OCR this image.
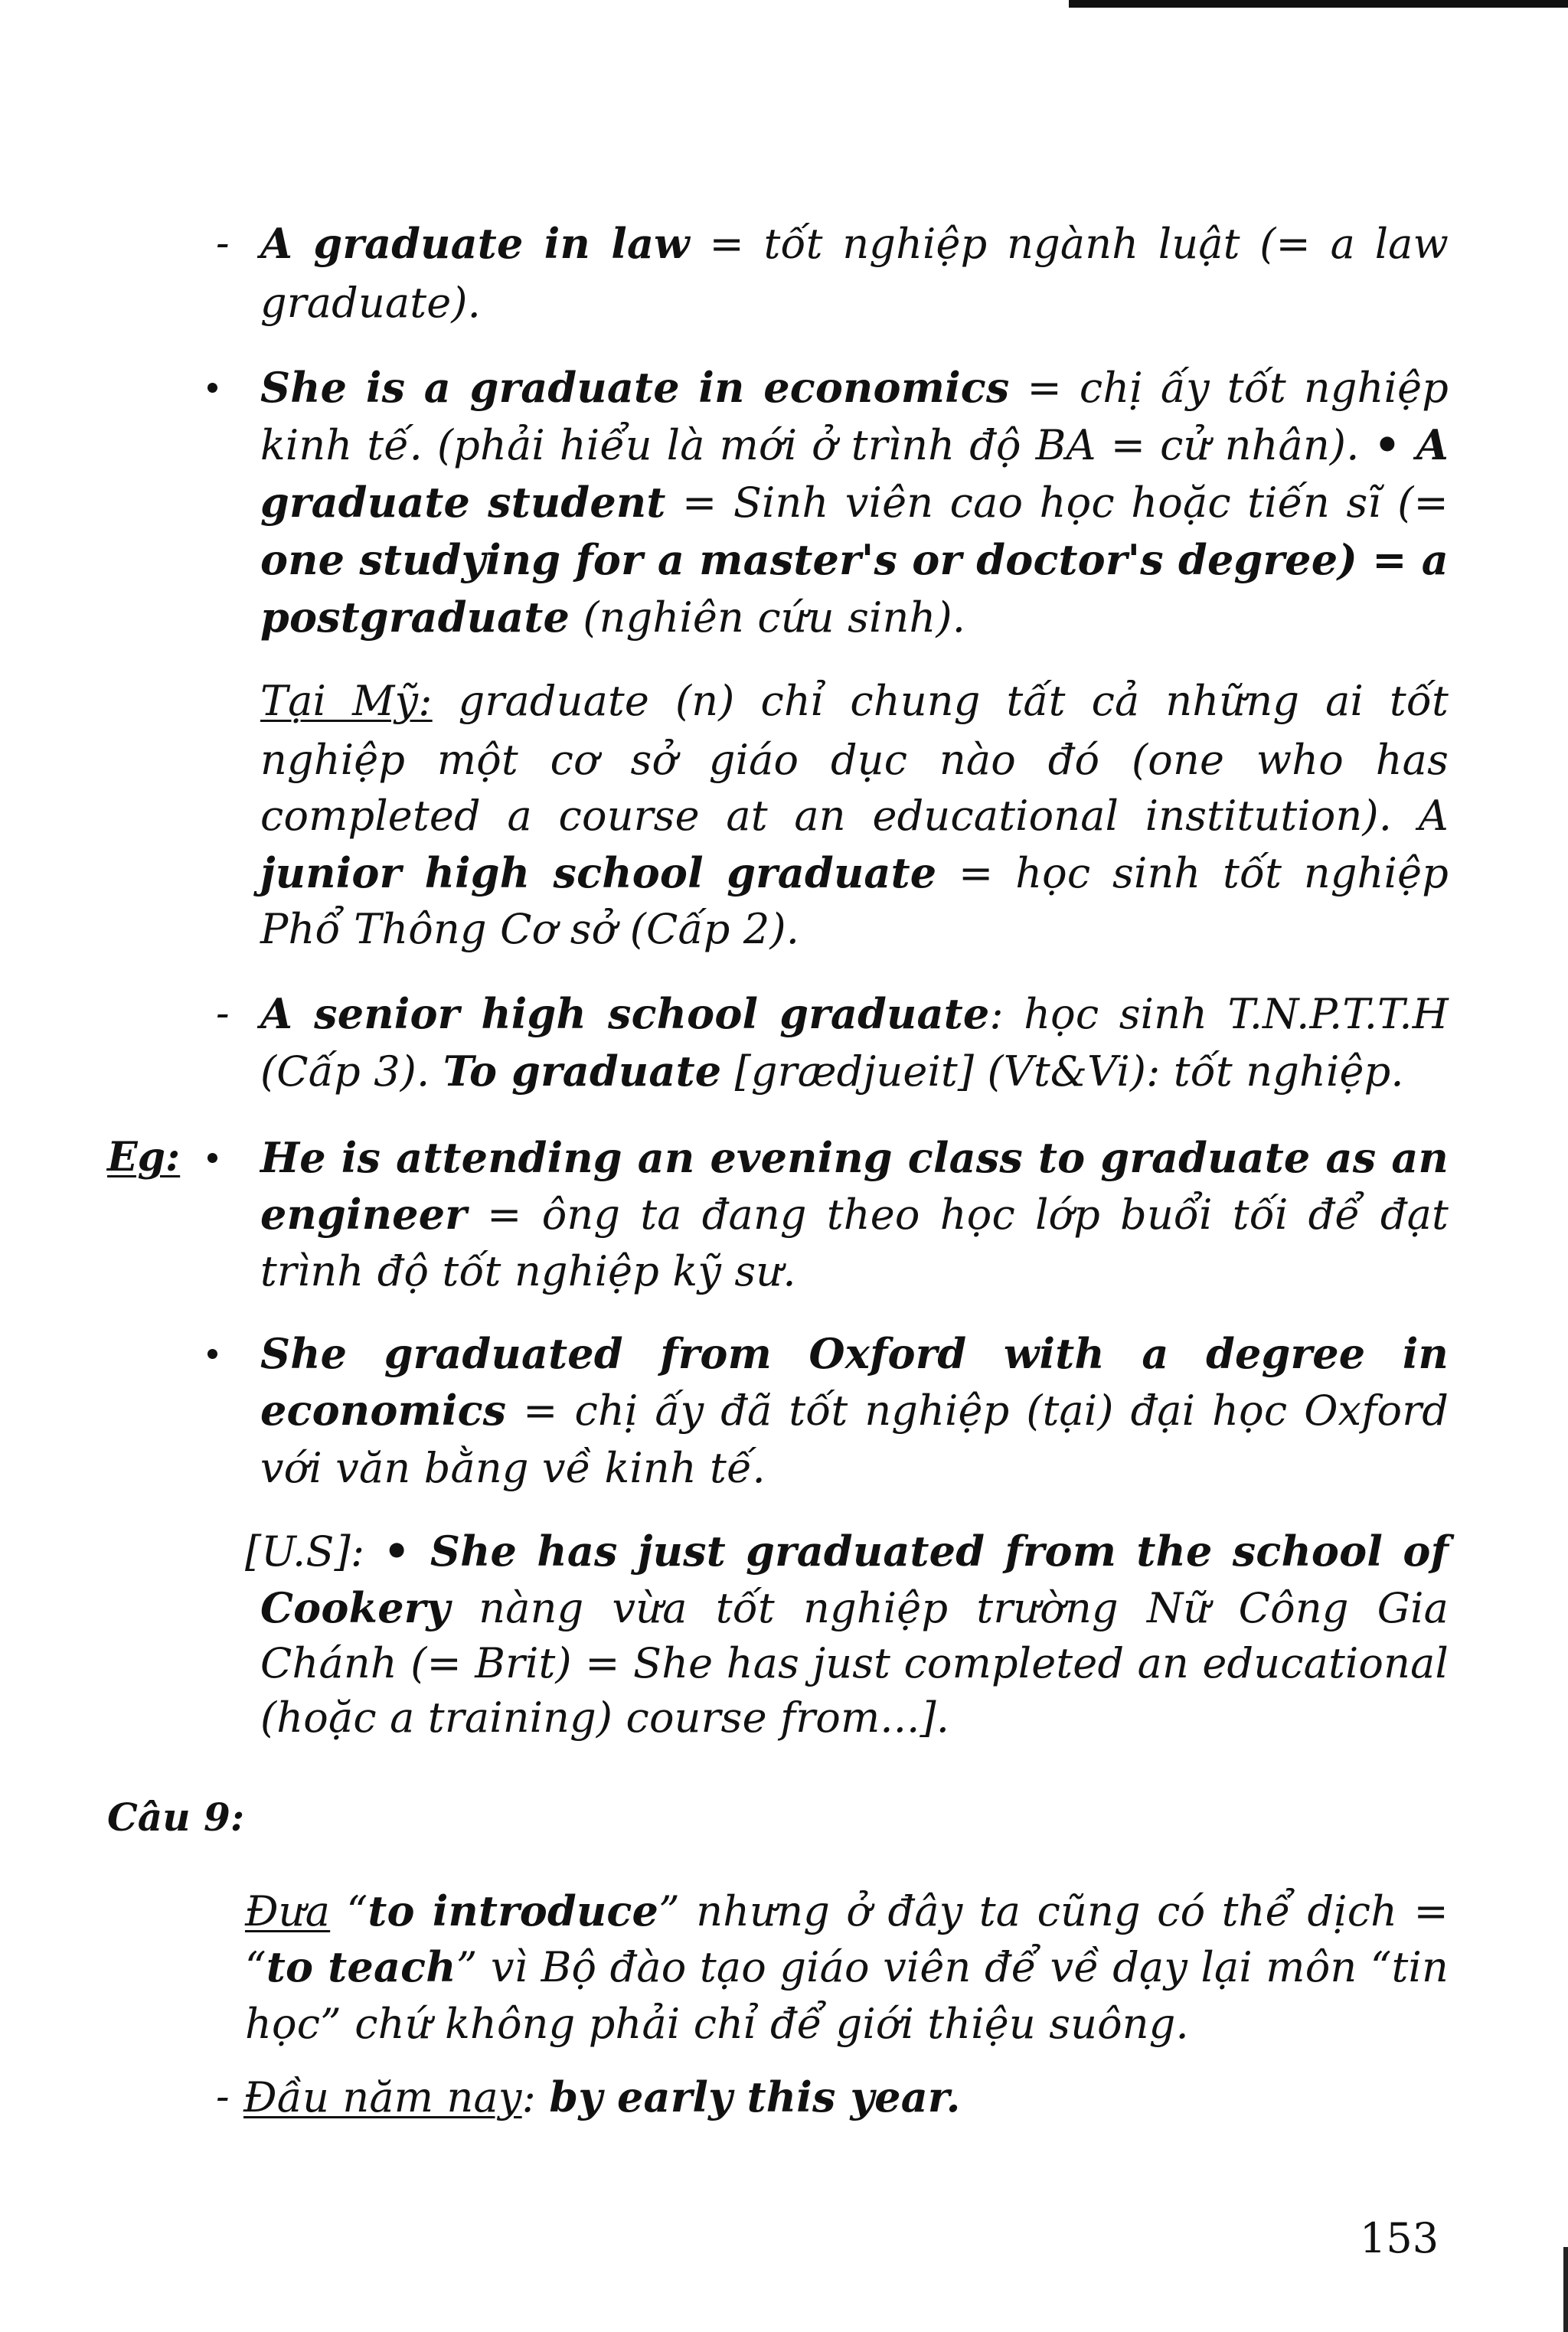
- A graduate in law = tốt nghiệp ngành luật (= a law
graduate).
She is a graduate in economics = chị ấy tốt nghiệp
kinh tế. (phải hiểu là mới ở trình độ BA = cử nhân). • A
graduate student = Sinh viên cao học hoặc tiến sĩ (=
one studying for a master's or doctor's degree) = a
postgraduate (nghiên cứu sinh).
Tại Mỹ: graduate (n) chỉ chung tất cả những ai tốt
nghiệp một cơ sở giáo dục nào đó (one who has
completed a course at an educational institution). A
junior high school graduate = học sinh tốt nghiệp
Phổ Thông Cơ sở (Cấp 2).
- A senior high school graduate: học sinh T.N.P.T.T.H
(Cấp 3). To graduate [grædjueit] (Vt&Vi): tốt nghiệp.
Eg: He is attending an evening class to graduate as an
engineer = ông ta đang theo học lớp buổi tối để đạt
trình độ tốt nghiệp kỹ sư.
She graduated from Oxford with a degree in
economics = chị ấy đã tốt nghiệp (tại) đại học Oxford
với văn bằng về kinh tế.
[U.S]: • She has just graduated from the school of
Cookery nàng vừa tốt nghiệp trường Nữ Công Gia
Chánh (= Brit) = She has just completed an educational
(hoặc a training) course from...].
Câu 9:
Đưa “to introduce” nhưng ở đây ta cũng có thể dịch =
“to teach” vì Bộ đào tạo giáo viên để về dạy lại môn “tin
học” chứ không phải chỉ để giới thiệu suông.
- Đầu năm nay: by early this year.
153
